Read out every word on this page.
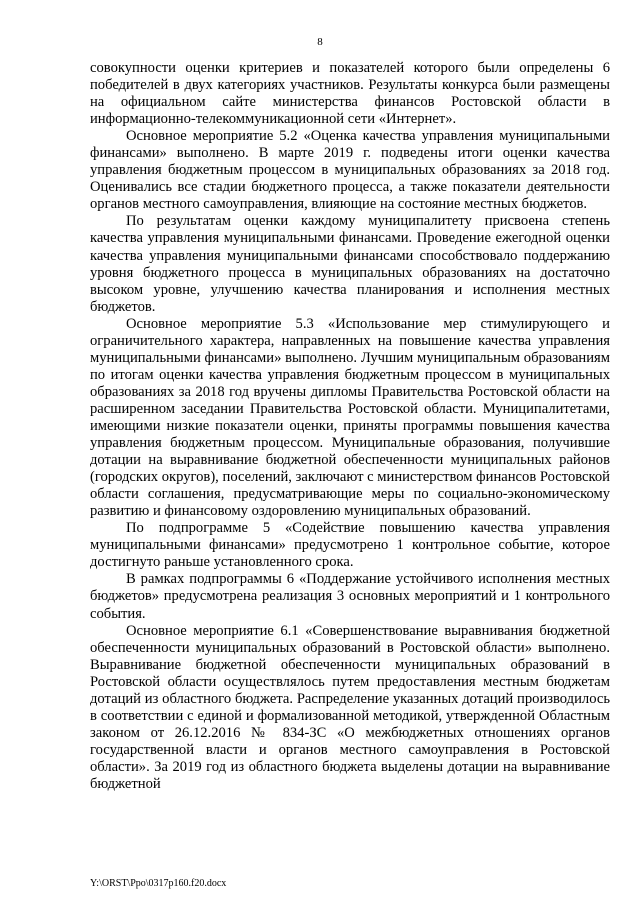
8

совокупности оценки критериев и показателей которого были определены 6 победителей в двух категориях участников. Результаты конкурса были размещены на официальном сайте министерства финансов Ростовской области в информационно-телекоммуникационной сети «Интернет».

Основное мероприятие 5.2 «Оценка качества управления муниципальными финансами» выполнено. В марте 2019 г. подведены итоги оценки качества управления бюджетным процессом в муниципальных образованиях за 2018 год. Оценивались все стадии бюджетного процесса, а также показатели деятельности органов местного самоуправления, влияющие на состояние местных бюджетов.

По результатам оценки каждому муниципалитету присвоена степень качества управления муниципальными финансами. Проведение ежегодной оценки качества управления муниципальными финансами способствовало поддержанию уровня бюджетного процесса в муниципальных образованиях на достаточно высоком уровне, улучшению качества планирования и исполнения местных бюджетов.

Основное мероприятие 5.3 «Использование мер стимулирующего и ограничительного характера, направленных на повышение качества управления муниципальными финансами» выполнено. Лучшим муниципальным образованиям по итогам оценки качества управления бюджетным процессом в муниципальных образованиях за 2018 год вручены дипломы Правительства Ростовской области на расширенном заседании Правительства Ростовской области. Муниципалитетами, имеющими низкие показатели оценки, приняты программы повышения качества управления бюджетным процессом. Муниципальные образования, получившие дотации на выравнивание бюджетной обеспеченности муниципальных районов (городских округов), поселений, заключают с министерством финансов Ростовской области соглашения, предусматривающие меры по социально-экономическому развитию и финансовому оздоровлению муниципальных образований.

По подпрограмме 5 «Содействие повышению качества управления муниципальными финансами» предусмотрено 1 контрольное событие, которое достигнуто раньше установленного срока.

В рамках подпрограммы 6 «Поддержание устойчивого исполнения местных бюджетов» предусмотрена реализация 3 основных мероприятий и 1 контрольного события.

Основное мероприятие 6.1 «Совершенствование выравнивания бюджетной обеспеченности муниципальных образований в Ростовской области» выполнено. Выравнивание бюджетной обеспеченности муниципальных образований в Ростовской области осуществлялось путем предоставления местным бюджетам дотаций из областного бюджета. Распределение указанных дотаций производилось в соответствии с единой и формализованной методикой, утвержденной Областным законом от 26.12.2016 № 834-ЗС «О межбюджетных отношениях органов государственной власти и органов местного самоуправления в Ростовской области». За 2019 год из областного бюджета выделены дотации на выравнивание бюджетной

Y:\ORST\Ppo\0317p160.f20.docx
